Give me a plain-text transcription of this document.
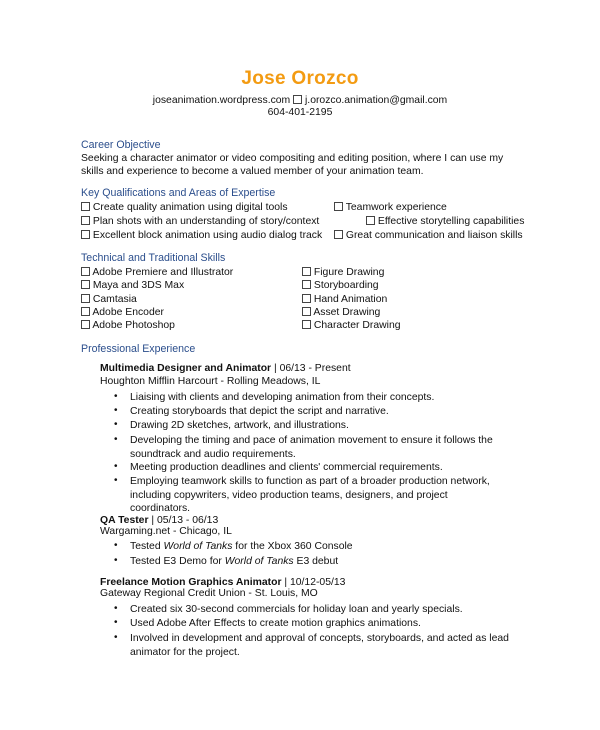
Jose Orozco
joseanimation.wordpress.com j.orozco.animation@gmail.com
604-401-2195
Career Objective
Seeking a character animator or video compositing and editing position, where I can use my skills and experience to become a valued member of your animation team.
Key Qualifications and Areas of Expertise
Create quality animation using digital tools
Plan shots with an understanding of story/context
Excellent block animation using audio dialog track
Teamwork experience
Effective storytelling capabilities
Great communication and liaison skills
Technical and Traditional Skills
Adobe Premiere and Illustrator
Maya and 3DS Max
Camtasia
Adobe Encoder
Adobe Photoshop
Figure Drawing
Storyboarding
Hand Animation
Asset Drawing
Character Drawing
Professional Experience
Multimedia Designer and Animator | 06/13 - Present
Houghton Mifflin Harcourt - Rolling Meadows, IL
• Liaising with clients and developing animation from their concepts.
• Creating storyboards that depict the script and narrative.
• Drawing 2D sketches, artwork, and illustrations.
• Developing the timing and pace of animation movement to ensure it follows the soundtrack and audio requirements.
• Meeting production deadlines and clients' commercial requirements.
• Employing teamwork skills to function as part of a broader production network, including copywriters, video production teams, designers, and project coordinators.
QA Tester | 05/13 - 06/13
Wargaming.net - Chicago, IL
• Tested World of Tanks for the Xbox 360 Console
• Tested E3 Demo for World of Tanks E3 debut
Freelance Motion Graphics Animator | 10/12-05/13
Gateway Regional Credit Union - St. Louis, MO
• Created six 30-second commercials for holiday loan and yearly specials.
• Used Adobe After Effects to create motion graphics animations.
• Involved in development and approval of concepts, storyboards, and acted as lead animator for the project.
